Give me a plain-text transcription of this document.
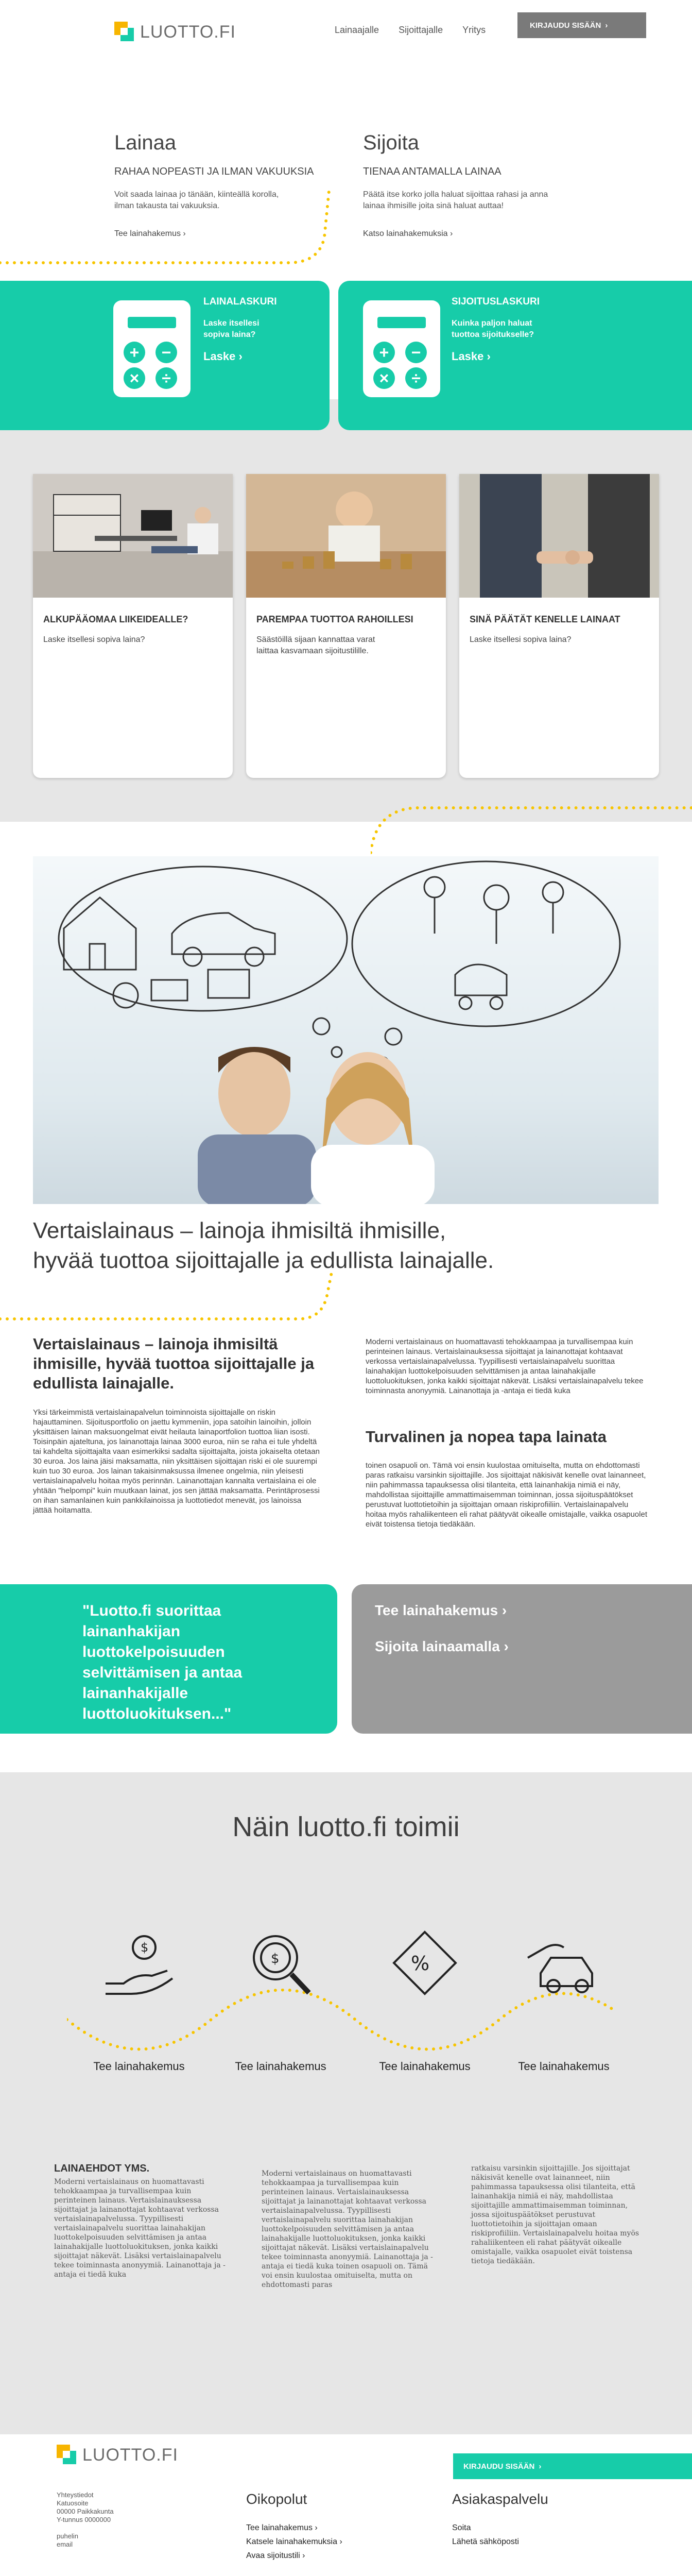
LUOTTO.FI	Lainaajalle Sijoittajalle Yritys	KIRJAUDU SISÄÄN ›
Lainaa
RAHAA NOPEASTI JA ILMAN VAKUUKSIA
Voit saada lainaa jo tänään, kiinteällä korolla, ilman takausta tai vakuuksia.
Tee lainahakemus ›
Sijoita
TIENAA ANTAMALLA LAINAA
Päätä itse korko jolla haluat sijoittaa rahasi ja anna lainaa ihmisille joita sinä haluat auttaa!
Katso lainahakemuksia ›
+	−
×	÷
LAINALASKURI
Laske itsellesi sopiva laina?
Laske ›	+	−
×	÷
SIJOITUSLASKURI
Kuinka paljon haluat tuottoa sijoitukselle?
Laske ›
ALKUPÄÄOMAA LIIKEIDEALLE?
Laske itsellesi sopiva laina?
PAREMPAA TUOTTOA RAHOILLESI
Säästöillä sijaan kannattaa varat laittaa kasvamaan sijoitustilille.
SINÄ PÄÄTÄT KENELLE LAINAAT
Laske itsellesi sopiva laina?
Vertaislainaus – lainoja ihmisiltä ihmisille,
hyvää tuottoa sijoittajalle ja edullista lainajalle.
Vertaislainaus – lainoja ihmisiltä ihmisille, hyvää tuottoa sijoittajalle ja edullista lainajalle.

Yksi tärkeimmistä vertaislainapalvelun toiminnoista sijoittajalle on riskin hajauttaminen. Sijoitusportfolio on jaettu kymmeniin, jopa satoihin lainoihin, jolloin yksittäisen lainan maksuongelmat eivät heilauta lainaportfolion tuottoa liian isosti. Toisinpäin ajateltuna, jos lainanottaja lainaa 3000 euroa, niin se raha ei tule yhdeltä tai kahdelta sijoittajalta vaan esimerkiksi sadalta sijoittajalta, joista jokaiselta otetaan 30 euroa. Jos laina jäisi maksamatta, niin yksittäisen sijoittajan riski ei ole suurempi kuin tuo 30 euroa. Jos lainan takaisinmaksussa ilmenee ongelmia, niin yleisesti vertaislainapalvelu hoitaa myös perinnän. Lainanottajan kannalta vertaislaina ei ole yhtään "helpompi" kuin muutkaan lainat, jos sen jättää maksamatta. Perintäprosessi on ihan samanlainen kuin pankkilainoissa ja luottotiedot menevät, jos lainoissa jättää hoitamatta.

Moderni vertaislainaus on huomattavasti tehokkaampaa ja turvallisempaa kuin perinteinen lainaus. Vertaislainauksessa sijoittajat ja lainanottajat kohtaavat verkossa vertaislainapalvelussa. Tyypillisesti vertaislainapalvelu suorittaa lainahakijan luottokelpoisuuden selvittämisen ja antaa lainahakijalle luottoluokituksen, jonka kaikki sijoittajat näkevät. Lisäksi vertaislainapalvelu tekee toiminnasta anonyymiä. Lainanottaja ja -antaja ei tiedä kuka

Turvalinen ja nopea tapa lainata

toinen osapuoli on. Tämä voi ensin kuulostaa omituiselta, mutta on ehdottomasti paras ratkaisu varsinkin sijoittajille. Jos sijoittajat näkisivät kenelle ovat lainanneet, niin pahimmassa tapauksessa olisi tilanteita, että lainanhakija nimiä ei näy, mahdollistaa sijoittajille ammattimaisemman toiminnan, jossa sijoituspäätökset perustuvat luottotietoihin ja sijoittajan omaan riskiprofiiliin. Vertaislainapalvelu hoitaa myös rahaliikenteen eli rahat päätyvät oikealle omistajalle, vaikka osapuolet eivät toistensa tietoja tiedäkään.

"Luotto.fi suorittaa lainanhakijan luottokelpoisuuden selvittämisen ja antaa lainanhakijalle luottoluokituksen..."
Tee lainahakemus ›
Sijoita lainaamalla ›
Näin luotto.fi toimii
$
$	%
Tee lainahakemus	Tee lainahakemus	Tee lainahakemus	Tee lainahakemus
LAINAEHDOT YMS.
Moderni vertaislainaus on huomattavasti tehokkaampaa ja turvallisempaa kuin perinteinen lainaus. Vertaislainauksessa sijoittajat ja lainanottajat kohtaavat verkossa vertaislainapalvelussa. Tyypillisesti vertaislainapalvelu suorittaa lainahakijan luottokelpoisuuden selvittämisen ja antaa lainahakijalle luottoluokituksen, jonka kaikki sijoittajat näkevät. Lisäksi vertaislainapalvelu tekee toiminnasta anonyymiä. Lainanottaja ja -antaja ei tiedä kuka
Moderni vertaislainaus on huomattavasti tehokkaampaa ja turvallisempaa kuin perinteinen lainaus. Vertaislainauksessa sijoittajat ja lainanottajat kohtaavat verkossa vertaislainapalvelussa. Tyypillisesti vertaislainapalvelu suorittaa lainahakijan luottokelpoisuuden selvittämisen ja antaa lainahakijalle luottoluokituksen, jonka kaikki sijoittajat näkevät. Lisäksi vertaislainapalvelu tekee toiminnasta anonyymiä. Lainanottaja ja -antaja ei tiedä kuka toinen osapuoli on. Tämä voi ensin kuulostaa omituiselta, mutta on ehdottomasti paras
ratkaisu varsinkin sijoittajille. Jos sijoittajat näkisivät kenelle ovat lainanneet, niin pahimmassa tapauksessa olisi tilanteita, että lainanhakija nimiä ei näy, mahdollistaa sijoittajille ammattimaisemman toiminnan, jossa sijoituspäätökset perustuvat luottotietoihin ja sijoittajan omaan riskiprofiiliin. Vertaislainapalvelu hoitaa myös rahaliikenteen eli rahat päätyvät oikealle omistajalle, vaikka osapuolet eivät toistensa tietoja tiedäkään.
LUOTTO.FI
Yhteystiedot
Katuosoite
00000 Paikkakunta
Y-tunnus 0000000
puhelin
email
KIRJAUDU SISÄÄN ›
Oikopolut
Tee lainahakemus ›
Katsele lainahakemuksia ›
Avaa sijoitustili ›
Asiakaspalvelu
Soita
Lähetä sähköposti
